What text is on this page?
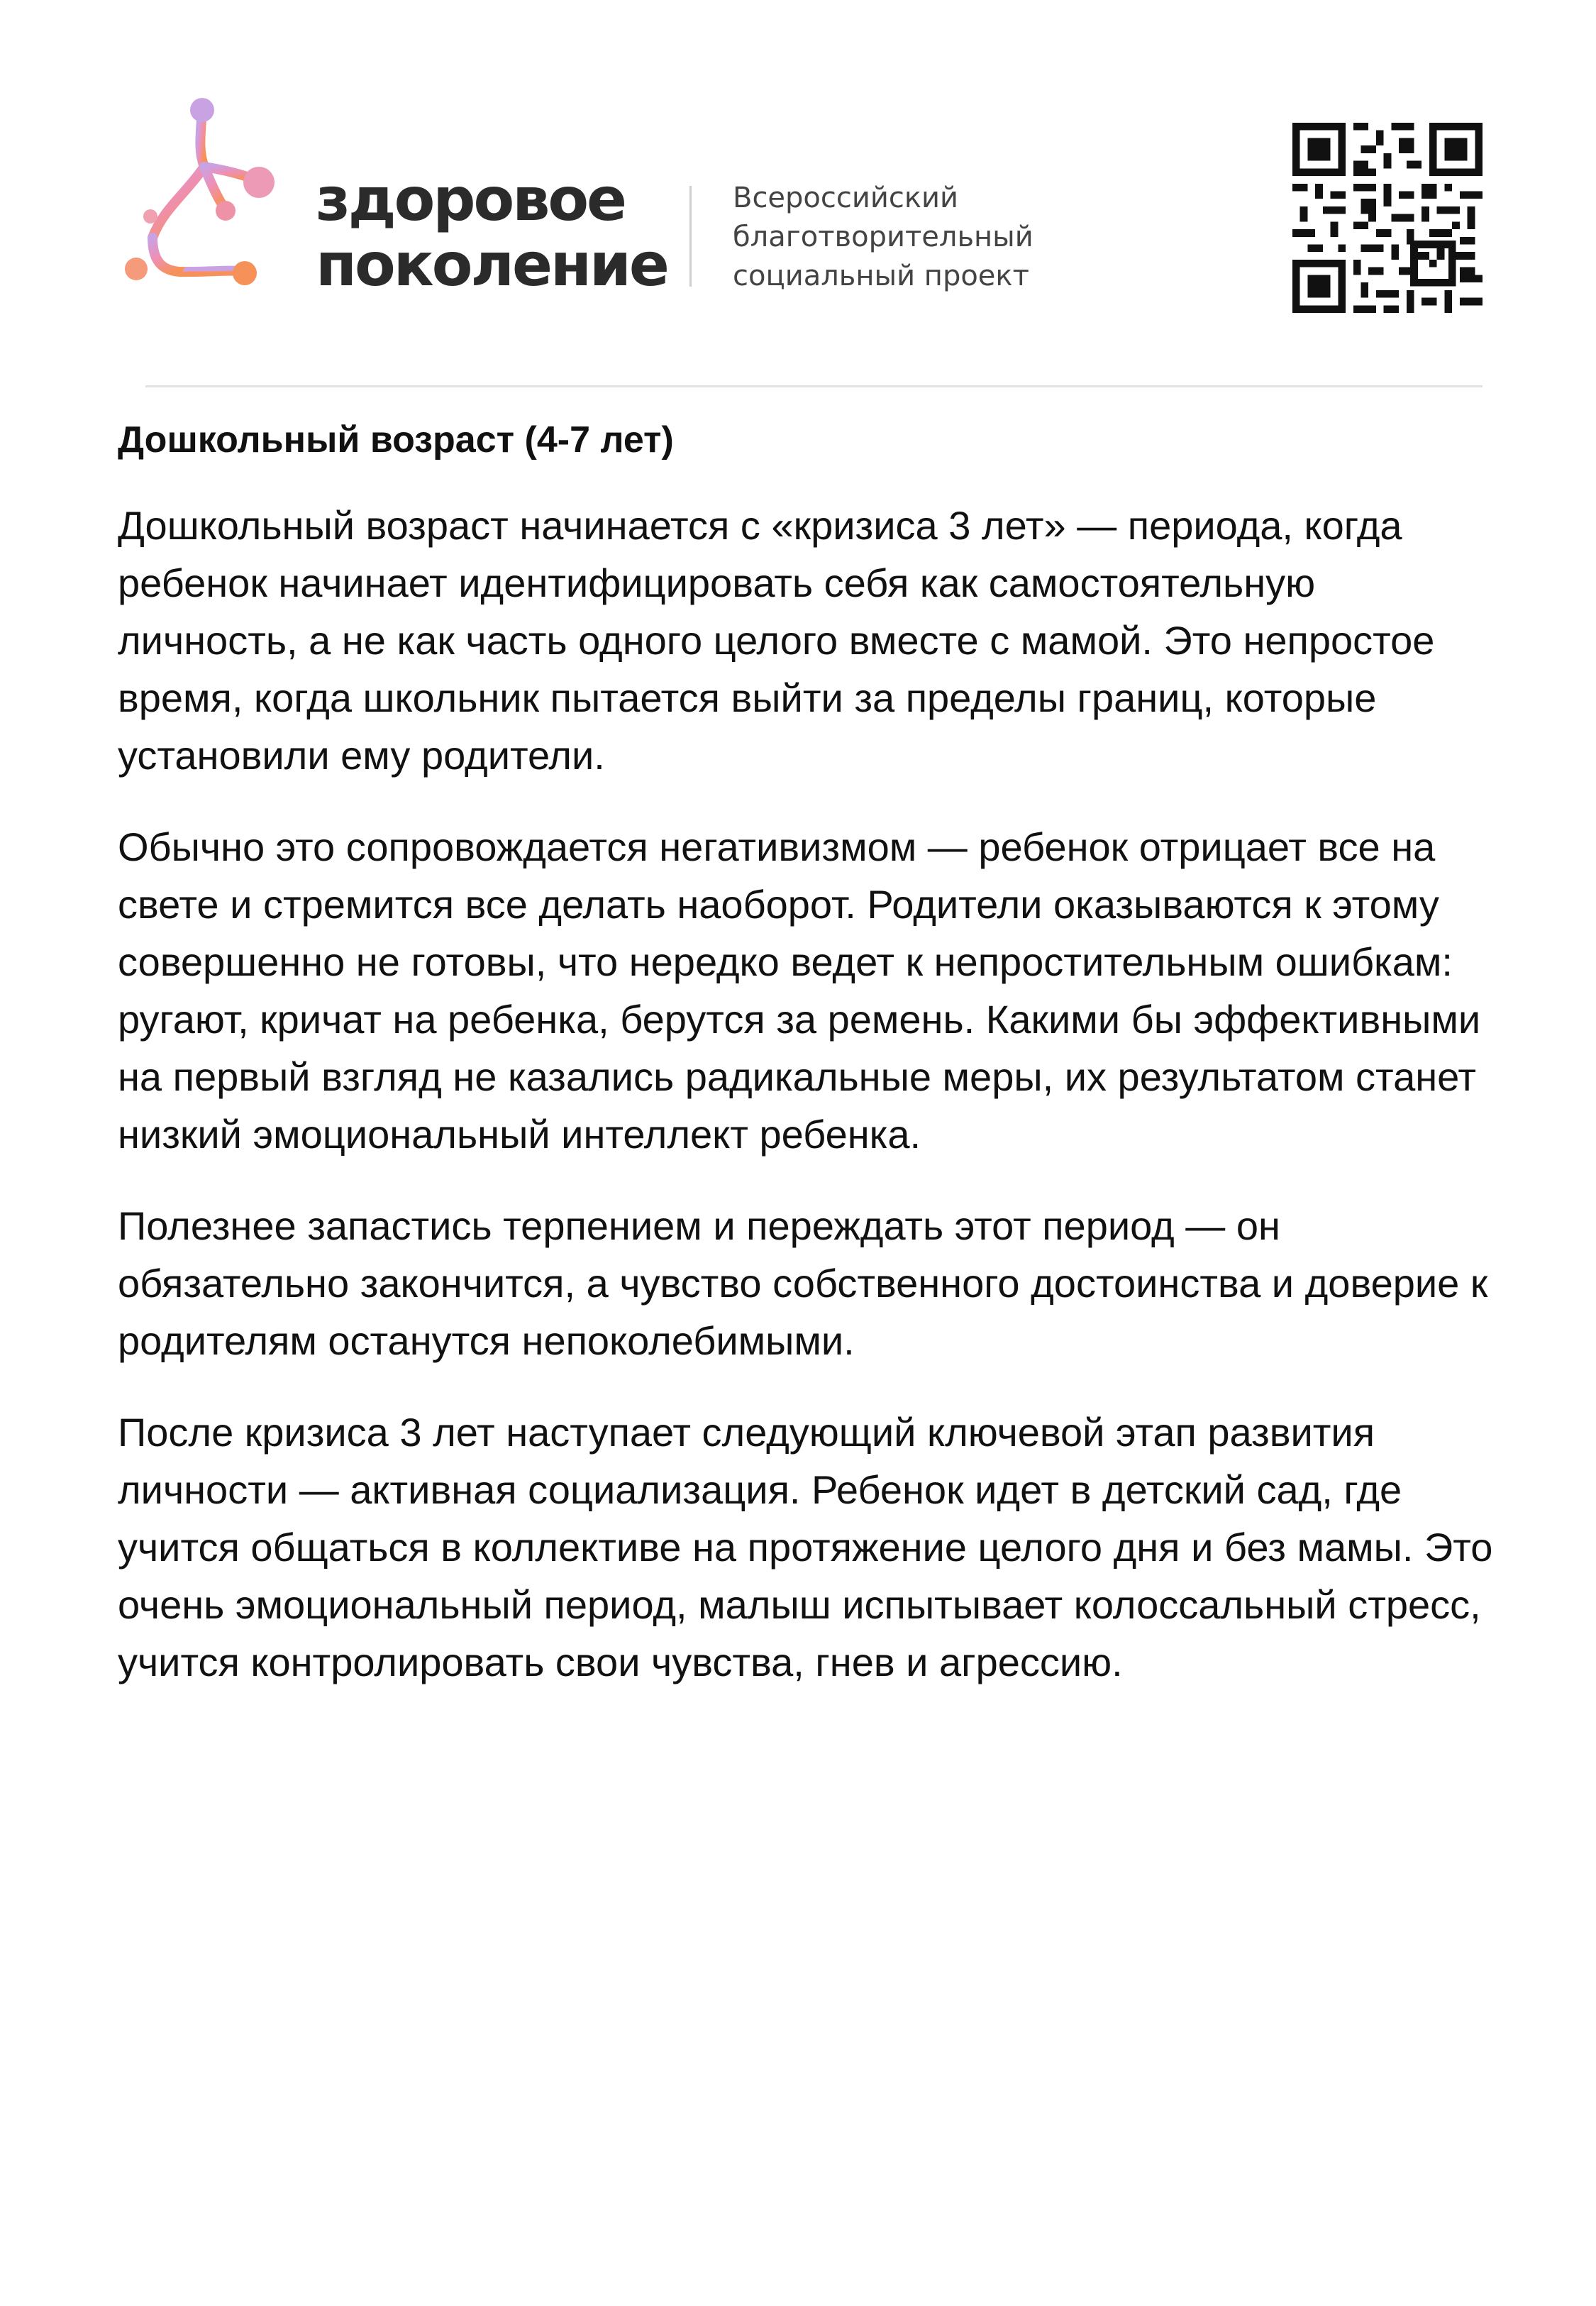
здоровое
поколение
Всероссийский
благотворительный
социальный проект
Дошкольный возраст (4-7 лет)

Дошкольный возраст начинается с «кризиса 3 лет» — периода, когда ребенок начинает идентифицировать себя как самостоятельную личность, а не как часть одного целого вместе с мамой. Это непростое время, когда школьник пытается выйти за пределы границ, которые установили ему родители.

Обычно это сопровождается негативизмом — ребенок отрицает все на свете и стремится все делать наоборот. Родители оказываются к этому совершенно не готовы, что нередко ведет к непростительным ошибкам: ругают, кричат на ребенка, берутся за ремень. Какими бы эффективными на первый взгляд не казались радикальные меры, их результатом станет низкий эмоциональный интеллект ребенка.

Полезнее запастись терпением и переждать этот период — он обязательно закончится, а чувство собственного достоинства и доверие к родителям останутся непоколебимыми.

После кризиса 3 лет наступает следующий ключевой этап развития личности — активная социализация. Ребенок идет в детский сад, где учится общаться в коллективе на протяжение целого дня и без мамы. Это очень эмоциональный период, малыш испытывает колоссальный стресс, учится контролировать свои чувства, гнев и агрессию.
